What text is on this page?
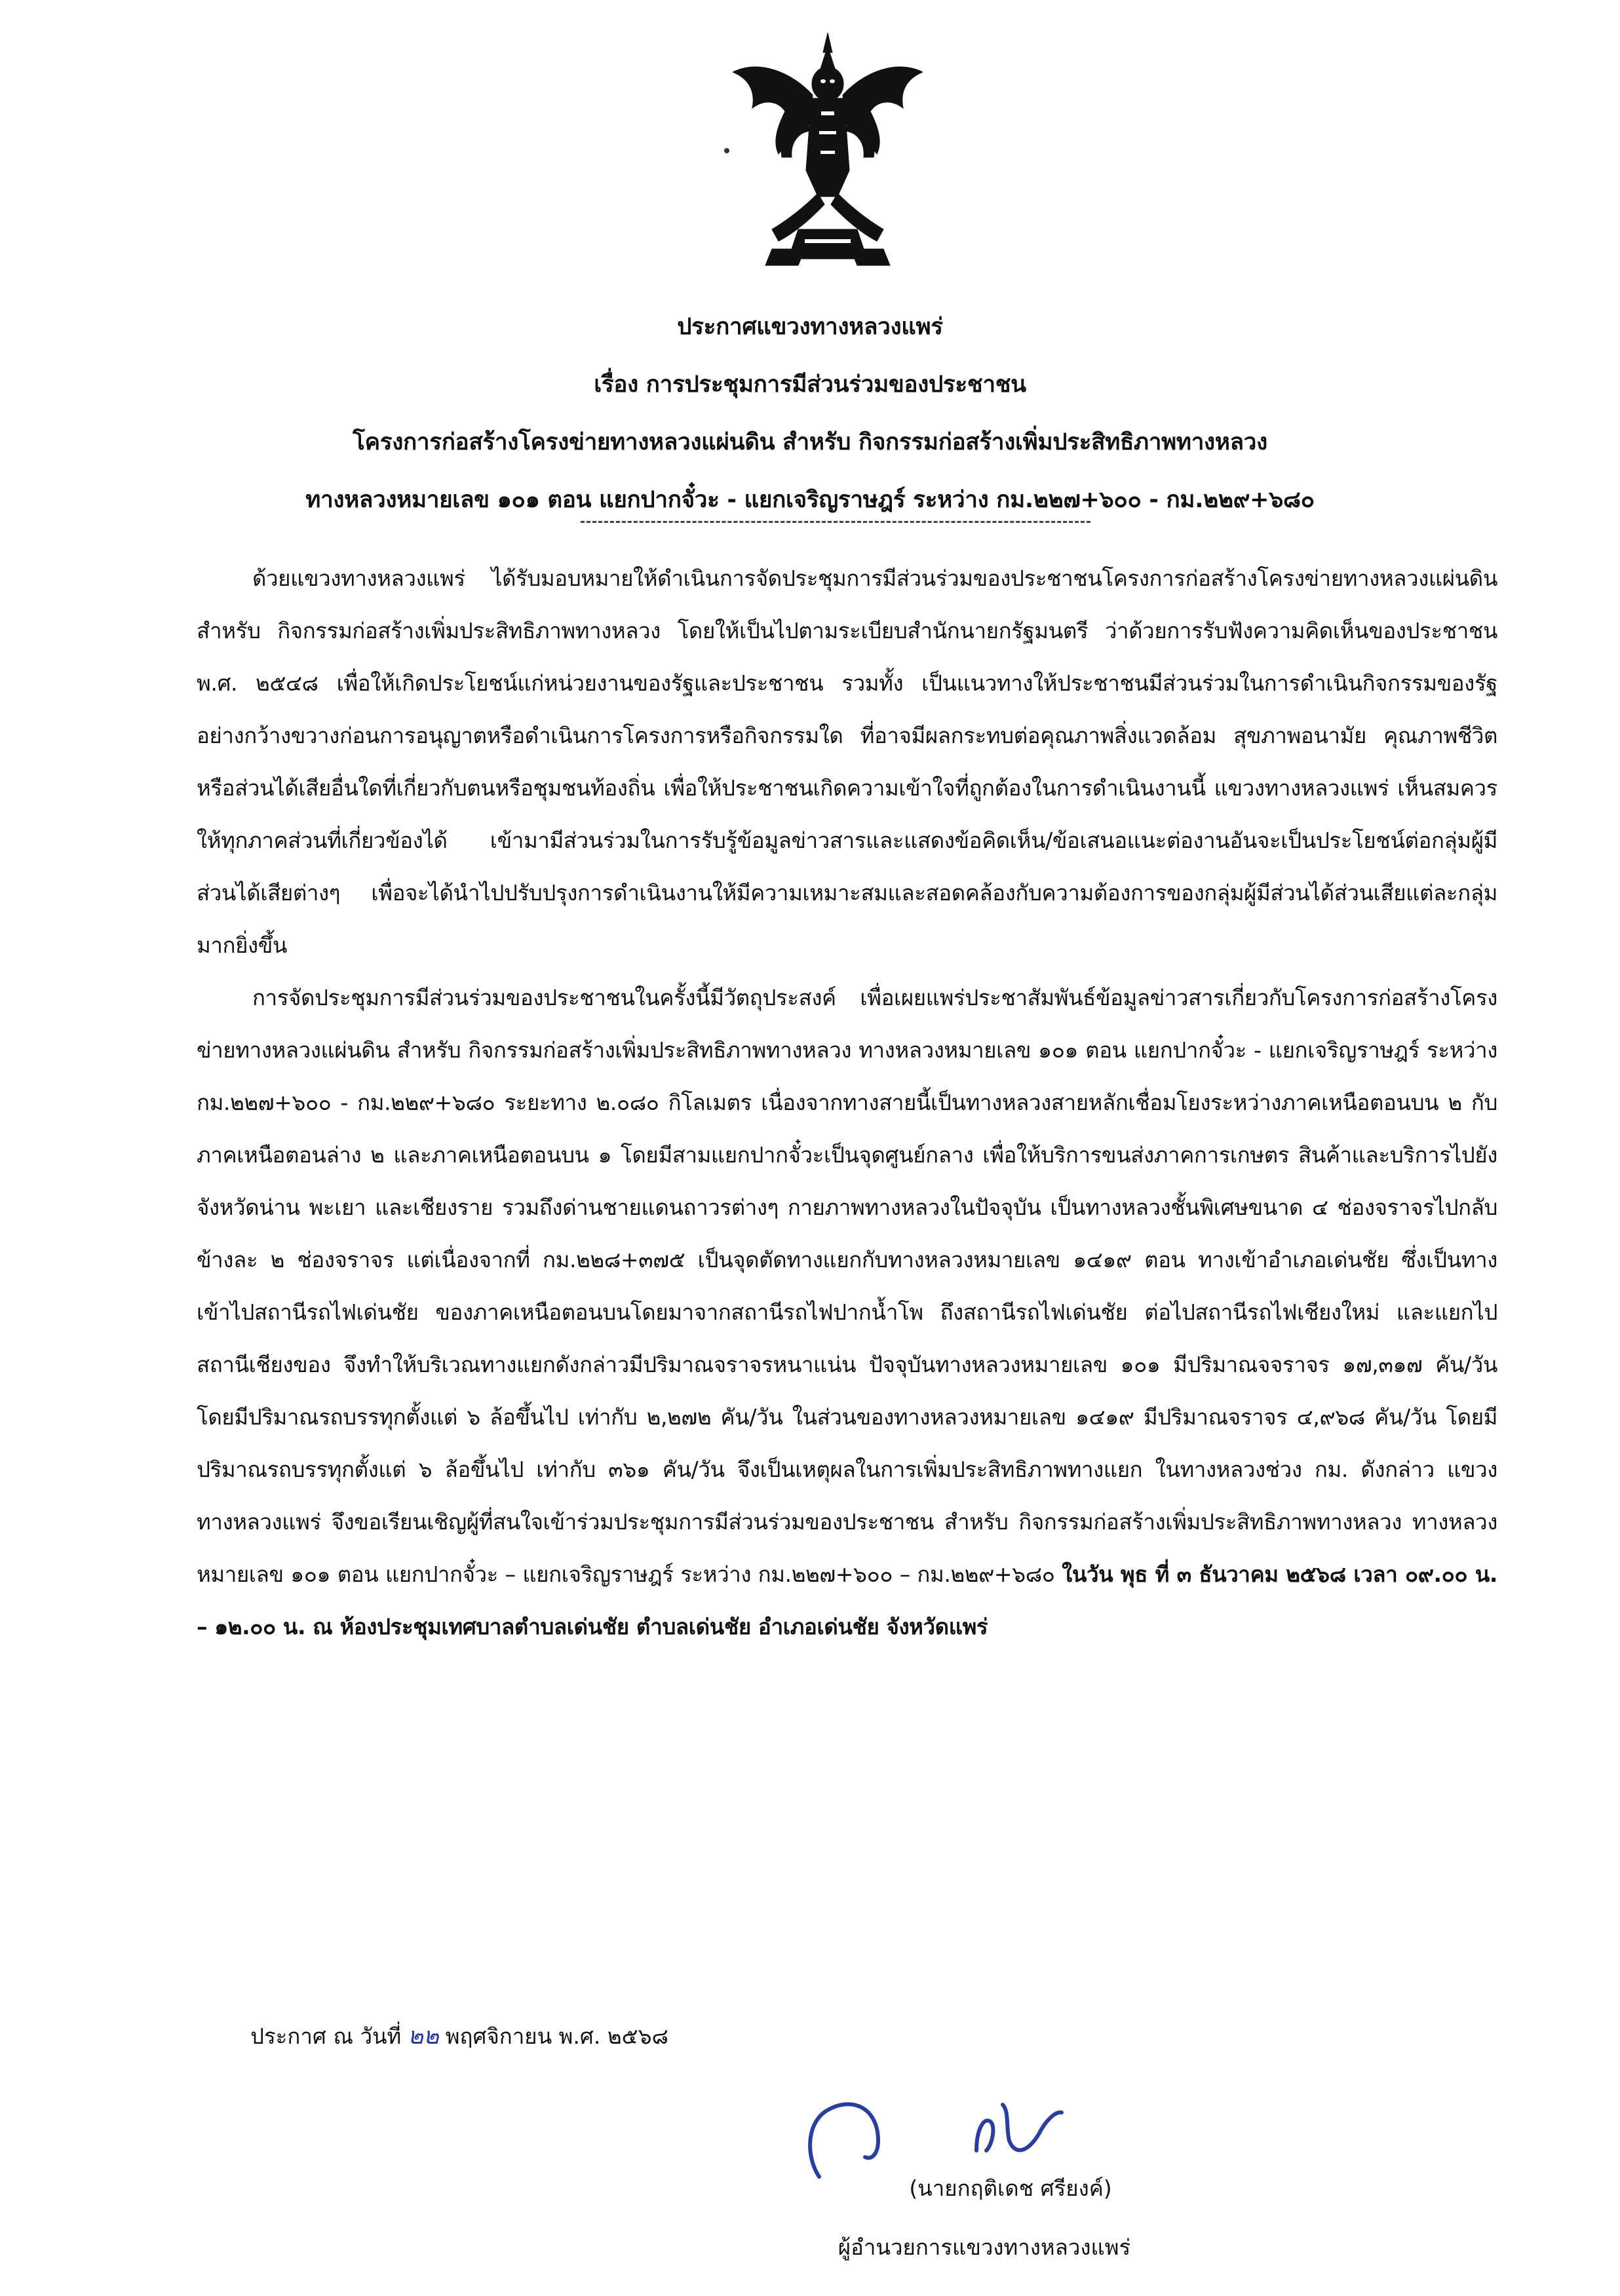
ประกาศแขวงทางหลวงแพร่
เรื่อง การประชุมการมีส่วนร่วมของประชาชน
โครงการก่อสร้างโครงข่ายทางหลวงแผ่นดิน สำหรับ กิจกรรมก่อสร้างเพิ่มประสิทธิภาพทางหลวง
ทางหลวงหมายเลข ๑๐๑ ตอน แยกปากจั๋วะ - แยกเจริญราษฎร์ ระหว่าง กม.๒๒๗+๖๐๐ - กม.๒๒๙+๖๘๐

ด้วยแขวงทางหลวงแพร่ ได้รับมอบหมายให้ดำเนินการจัดประชุมการมีส่วนร่วมของประชาชนโครงการก่อสร้างโครงข่ายทางหลวงแผ่นดิน สำหรับ กิจกรรมก่อสร้างเพิ่มประสิทธิภาพทางหลวง โดยให้เป็นไปตามระเบียบสำนักนายกรัฐมนตรี ว่าด้วยการรับฟังความคิดเห็นของประชาชน พ.ศ. ๒๕๔๘ เพื่อให้เกิดประโยชน์แก่หน่วยงานของรัฐและประชาชน รวมทั้ง เป็นแนวทางให้ประชาชนมีส่วนร่วมในการดำเนินกิจกรรมของรัฐอย่างกว้างขวางก่อนการอนุญาตหรือดำเนินการโครงการหรือกิจกรรมใด ที่อาจมีผลกระทบต่อคุณภาพสิ่งแวดล้อม สุขภาพอนามัย คุณภาพชีวิต หรือส่วนได้เสียอื่นใดที่เกี่ยวกับตนหรือชุมชนท้องถิ่น เพื่อให้ประชาชนเกิดความเข้าใจที่ถูกต้องในการดำเนินงานนี้ แขวงทางหลวงแพร่ เห็นสมควรให้ทุกภาคส่วนที่เกี่ยวข้องได้ เข้ามามีส่วนร่วมในการรับรู้ข้อมูลข่าวสารและแสดงข้อคิดเห็น/ข้อเสนอแนะต่องานอันจะเป็นประโยชน์ต่อกลุ่มผู้มีส่วนได้เสียต่างๆ เพื่อจะได้นำไปปรับปรุงการดำเนินงานให้มีความเหมาะสมและสอดคล้องกับความต้องการของกลุ่มผู้มีส่วนได้ส่วนเสียแต่ละกลุ่มมากยิ่งขึ้น

การจัดประชุมการมีส่วนร่วมของประชาชนในครั้งนี้มีวัตถุประสงค์ เพื่อเผยแพร่ประชาสัมพันธ์ข้อมูลข่าวสารเกี่ยวกับโครงการก่อสร้างโครงข่ายทางหลวงแผ่นดิน สำหรับ กิจกรรมก่อสร้างเพิ่มประสิทธิภาพทางหลวง ทางหลวงหมายเลข ๑๐๑ ตอน แยกปากจั๋วะ - แยกเจริญราษฎร์ ระหว่าง กม.๒๒๗+๖๐๐ - กม.๒๒๙+๖๘๐ ระยะทาง ๒.๐๘๐ กิโลเมตร เนื่องจากทางสายนี้เป็นทางหลวงสายหลักเชื่อมโยงระหว่างภาคเหนือตอนบน ๒ กับภาคเหนือตอนล่าง ๒ และภาคเหนือตอนบน ๑ โดยมีสามแยกปากจั๋วะเป็นจุดศูนย์กลาง เพื่อให้บริการขนส่งภาคการเกษตร สินค้าและบริการไปยังจังหวัดน่าน พะเยา และเชียงราย รวมถึงด่านชายแดนถาวรต่างๆ กายภาพทางหลวงในปัจจุบัน เป็นทางหลวงชั้นพิเศษขนาด ๔ ช่องจราจรไปกลับ ข้างละ ๒ ช่องจราจร แต่เนื่องจากที่ กม.๒๒๘+๓๗๕ เป็นจุดตัดทางแยกกับทางหลวงหมายเลข ๑๔๑๙ ตอน ทางเข้าอำเภอเด่นชัย ซึ่งเป็นทางเข้าไปสถานีรถไฟเด่นชัย ของภาคเหนือตอนบนโดยมาจากสถานีรถไฟปากน้ำโพ ถึงสถานีรถไฟเด่นชัย ต่อไปสถานีรถไฟเชียงใหม่ และแยกไปสถานีเชียงของ จึงทำให้บริเวณทางแยกดังกล่าวมีปริมาณจราจรหนาแน่น ปัจจุบันทางหลวงหมายเลข ๑๐๑ มีปริมาณจจราจร ๑๗,๓๑๗ คัน/วัน โดยมีปริมาณรถบรรทุกตั้งแต่ ๖ ล้อขึ้นไป เท่ากับ ๒,๒๗๒ คัน/วัน ในส่วนของทางหลวงหมายเลข ๑๔๑๙ มีปริมาณจราจร ๔,๙๖๘ คัน/วัน โดยมีปริมาณรถบรรทุกตั้งแต่ ๖ ล้อขึ้นไป เท่ากับ ๓๖๑ คัน/วัน จึงเป็นเหตุผลในการเพิ่มประสิทธิภาพทางแยก ในทางหลวงช่วง กม. ดังกล่าว แขวงทางหลวงแพร่ จึงขอเรียนเชิญผู้ที่สนใจเข้าร่วมประชุมการมีส่วนร่วมของประชาชน สำหรับ กิจกรรมก่อสร้างเพิ่มประสิทธิภาพทางหลวง ทางหลวงหมายเลข ๑๐๑ ตอน แยกปากจั๋วะ – แยกเจริญราษฎร์ ระหว่าง กม.๒๒๗+๖๐๐ – กม.๒๒๙+๖๘๐ ในวัน พุธ ที่ ๓ ธันวาคม ๒๕๖๘ เวลา ๐๙.๐๐ น. – ๑๒.๐๐ น. ณ ห้องประชุมเทศบาลตำบลเด่นชัย ตำบลเด่นชัย อำเภอเด่นชัย จังหวัดแพร่

ประกาศ ณ วันที่ ๒๒ พฤศจิกายน พ.ศ. ๒๕๖๘
(นายกฤติเดช ศรียงค์)
ผู้อำนวยการแขวงทางหลวงแพร่
